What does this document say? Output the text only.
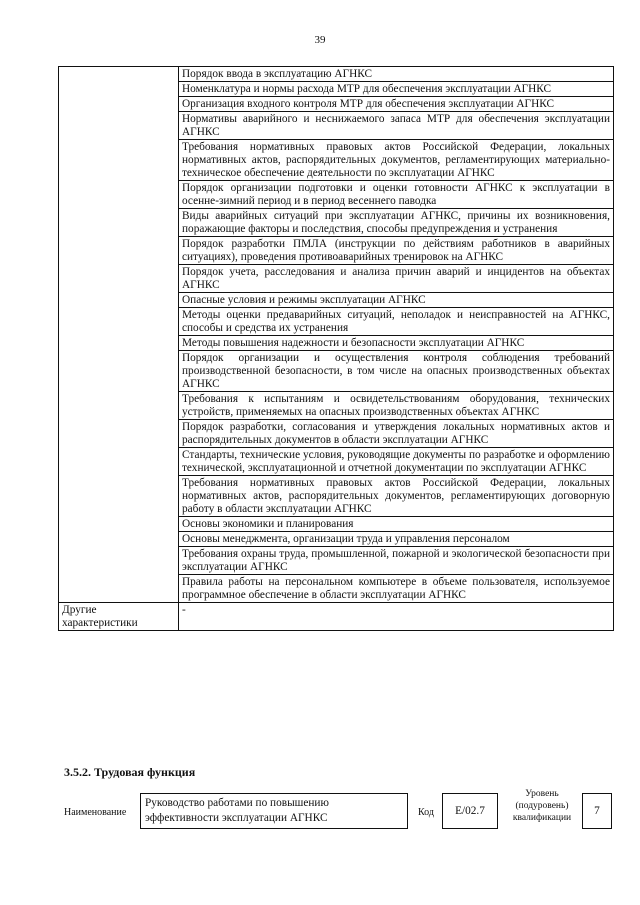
39
	Порядок ввода в эксплуатацию АГНКС
	Номенклатура и нормы расхода МТР для обеспечения эксплуатации АГНКС
	Организация входного контроля МТР для обеспечения эксплуатации АГНКС
	Нормативы аварийного и неснижаемого запаса МТР для обеспечения эксплуатации АГНКС
	Требования нормативных правовых актов Российской Федерации, локальных нормативных актов, распорядительных документов, регламентирующих материально-техническое обеспечение деятельности по эксплуатации АГНКС
	Порядок организации подготовки и оценки готовности АГНКС к эксплуатации в осенне-зимний период и в период весеннего паводка
	Виды аварийных ситуаций при эксплуатации АГНКС, причины их возникновения, поражающие факторы и последствия, способы предупреждения и устранения
	Порядок разработки ПМЛА (инструкции по действиям работников в аварийных ситуациях), проведения противоаварийных тренировок на АГНКС
	Порядок учета, расследования и анализа причин аварий и инцидентов на объектах АГНКС
	Опасные условия и режимы эксплуатации АГНКС
	Методы оценки предаварийных ситуаций, неполадок и неисправностей на АГНКС, способы и средства их устранения
	Методы повышения надежности и безопасности эксплуатации АГНКС
	Порядок организации и осуществления контроля соблюдения требований производственной безопасности, в том числе на опасных производственных объектах АГНКС
	Требования к испытаниям и освидетельствованиям оборудования, технических устройств, применяемых на опасных производственных объектах АГНКС
	Порядок разработки, согласования и утверждения локальных нормативных актов и распорядительных документов в области эксплуатации АГНКС
	Стандарты, технические условия, руководящие документы по разработке и оформлению технической, эксплуатационной и отчетной документации по эксплуатации АГНКС
	Требования нормативных правовых актов Российской Федерации, локальных нормативных актов, распорядительных документов, регламентирующих договорную работу в области эксплуатации АГНКС
	Основы экономики и планирования
	Основы менеджмента, организации труда и управления персоналом
	Требования охраны труда, промышленной, пожарной и экологической безопасности при эксплуатации АГНКС
	Правила работы на персональном компьютере в объеме пользователя, используемое программное обеспечение в области эксплуатации АГНКС
Другие характеристики	-
3.5.2. Трудовая функция
Наименование
Руководство работами по повышению эффективности эксплуатации АГНКС	Код	E/02.7
Уровень (подуровень) квалификации
7
